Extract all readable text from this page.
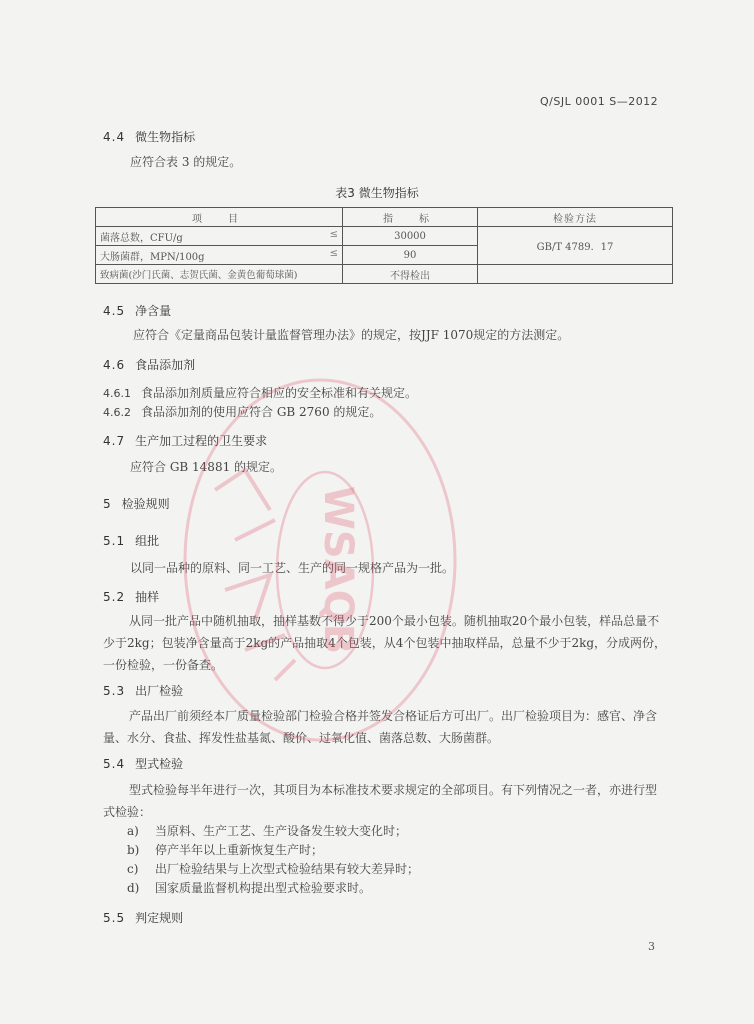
Q/SJL 0001 S—2012
4.4 微生物指标
应符合表 3 的规定。
表3 微生物指标
项　目	指　标	检验方法
菌落总数，CFU/g ≤	30000	GB/T 4789．17
大肠菌群，MPN/100g ≤	90	
致病菌(沙门氏菌、志贺氏菌、金黄色葡萄球菌)	不得检出	
4.5 净含量
应符合《定量商品包装计量监督管理办法》的规定，按JJF 1070规定的方法测定。
4.6 食品添加剂
4.6.1 食品添加剂质量应符合相应的安全标准和有关规定。
4.6.2 食品添加剂的使用应符合 GB 2760 的规定。
4.7 生产加工过程的卫生要求
应符合 GB 14881 的规定。
5 检验规则
5.1 组批
以同一品种的原料、同一工艺、生产的同一规格产品为一批。
5.2 抽样
从同一批产品中随机抽取，抽样基数不得少于200个最小包装。随机抽取20个最小包装，样品总量不少于2kg；包装净含量高于2kg的产品抽取4个包装，从4个包装中抽取样品，总量不少于2kg，分成两份，一份检验，一份备查。
5.3 出厂检验
产品出厂前须经本厂质量检验部门检验合格并签发合格证后方可出厂。出厂检验项目为：感官、净含量、水分、食盐、挥发性盐基氮、酸价、过氧化值、菌落总数、大肠菌群。
5.4 型式检验
型式检验每半年进行一次，其项目为本标准技术要求规定的全部项目。有下列情况之一者，亦进行型式检验：
a) 当原料、生产工艺、生产设备发生较大变化时；
b) 停产半年以上重新恢复生产时；
c) 出厂检验结果与上次型式检验结果有较大差异时；
d) 国家质量监督机构提出型式检验要求时。
5.5 判定规则
3
WSAQB
